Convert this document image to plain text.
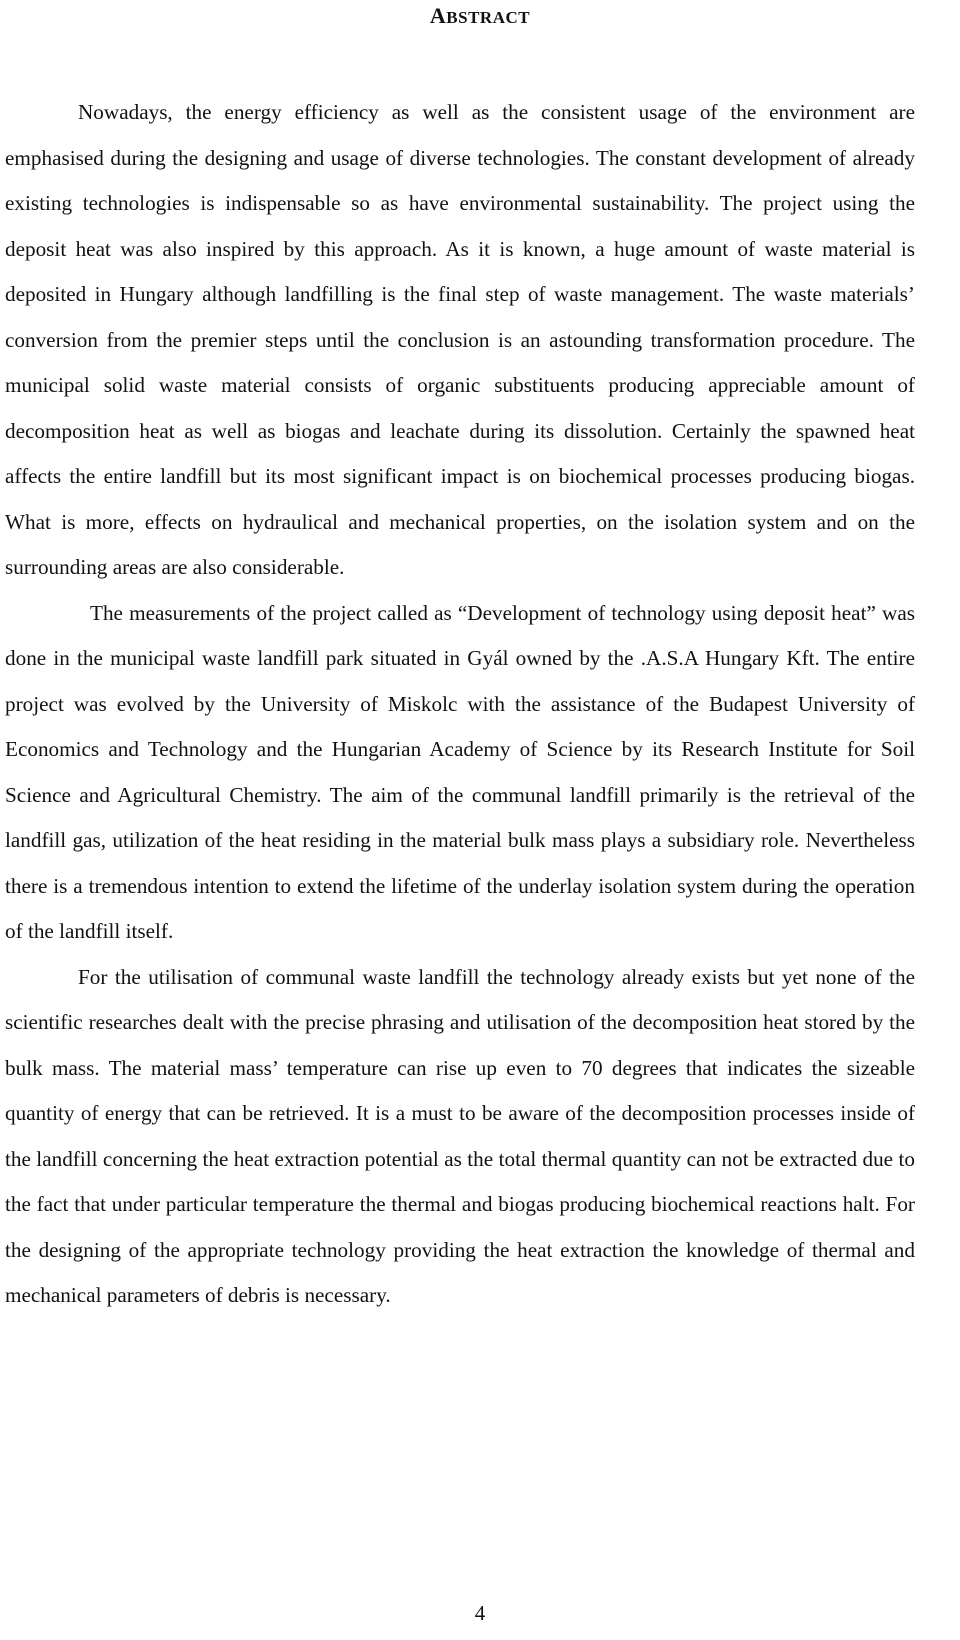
ABSTRACT

Nowadays, the energy efficiency as well as the consistent usage of the environment are emphasised during the designing and usage of diverse technologies. The constant development of already existing technologies is indispensable so as have environmental sustainability. The project using the deposit heat was also inspired by this approach. As it is known, a huge amount of waste material is deposited in Hungary although landfilling is the final step of waste management. The waste materials’ conversion from the premier steps until the conclusion is an astounding transformation procedure. The municipal solid waste material consists of organic substituents producing appreciable amount of decomposition heat as well as biogas and leachate during its dissolution. Certainly the spawned heat affects the entire landfill but its most significant impact is on biochemical processes producing biogas. What is more, effects on hydraulical and mechanical properties, on the isolation system and on the surrounding areas are also considerable.

The measurements of the project called as “Development of technology using deposit heat” was done in the municipal waste landfill park situated in Gyál owned by the .A.S.A Hungary Kft. The entire project was evolved by the University of Miskolc with the assistance of the Budapest University of Economics and Technology and the Hungarian Academy of Science by its Research Institute for Soil Science and Agricultural Chemistry. The aim of the communal landfill primarily is the retrieval of the landfill gas, utilization of the heat residing in the material bulk mass plays a subsidiary role. Nevertheless there is a tremendous intention to extend the lifetime of the underlay isolation system during the operation of the landfill itself.

For the utilisation of communal waste landfill the technology already exists but yet none of the scientific researches dealt with the precise phrasing and utilisation of the decomposition heat stored by the bulk mass. The material mass’ temperature can rise up even to 70 degrees that indicates the sizeable quantity of energy that can be retrieved. It is a must to be aware of the decomposition processes inside of the landfill concerning the heat extraction potential as the total thermal quantity can not be extracted due to the fact that under particular temperature the thermal and biogas producing biochemical reactions halt. For the designing of the appropriate technology providing the heat extraction the knowledge of thermal and mechanical parameters of debris is necessary.

4
